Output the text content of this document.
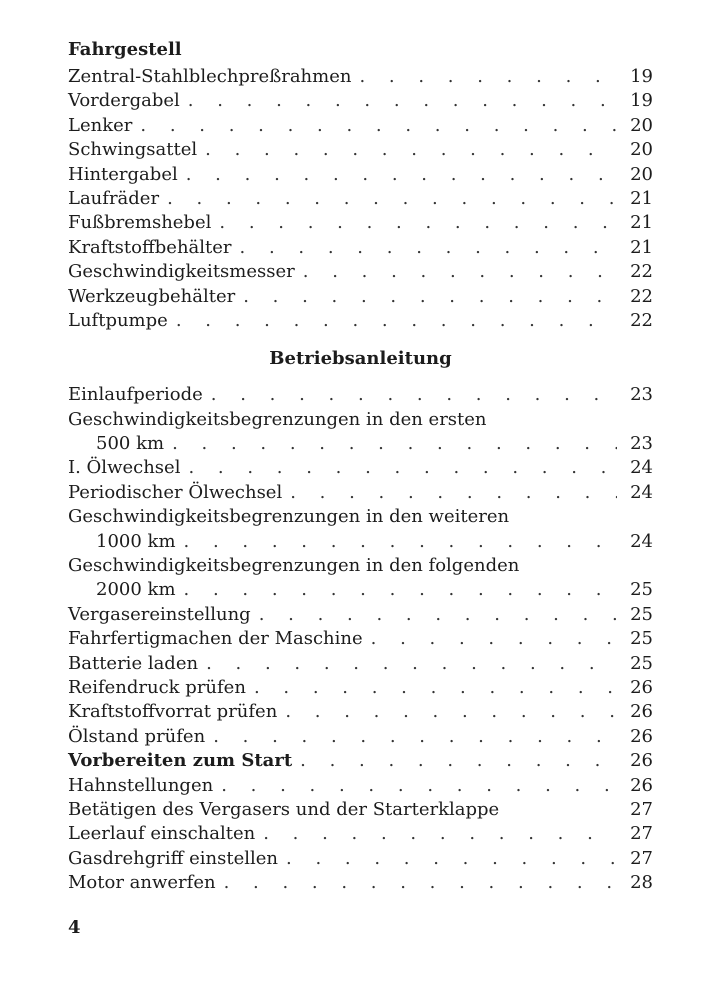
Fahrgestell
Zentral-Stahlblechpreßrahmen . . .	19
Vordergabel . . .	19
Lenker . . .	20
Schwingsattel . . .	20
Hintergabel . . .	20
Laufräder . . .	21
Fußbremshebel . . .	21
Kraftstoffbehälter . . .	21
Geschwindigkeitsmesser . . .	22
Werkzeugbehälter . . .	22
Luftpumpe . . .	22
Betriebsanleitung
Einlaufperiode . . .	23
Geschwindigkeitsbegrenzungen in den ersten
500 km . . .	23
I. Ölwechsel . . .	24
Periodischer Ölwechsel . . .	24
Geschwindigkeitsbegrenzungen in den weiteren
1000 km . . .	24
Geschwindigkeitsbegrenzungen in den folgenden
2000 km . . .	25
Vergasereinstellung . . .	25
Fahrfertigmachen der Maschine . . .	25
Batterie laden . . .	25
Reifendruck prüfen . . .	26
Kraftstoffvorrat prüfen . . .	26
Ölstand prüfen . . .	26
Vorbereiten zum Start . . .	26
Hahnstellungen . . .	26
Betätigen des Vergasers und der Starterklappe	27
Leerlauf einschalten . . .	27
Gasdrehgriff einstellen . . .	27
Motor anwerfen . . .	28
4
